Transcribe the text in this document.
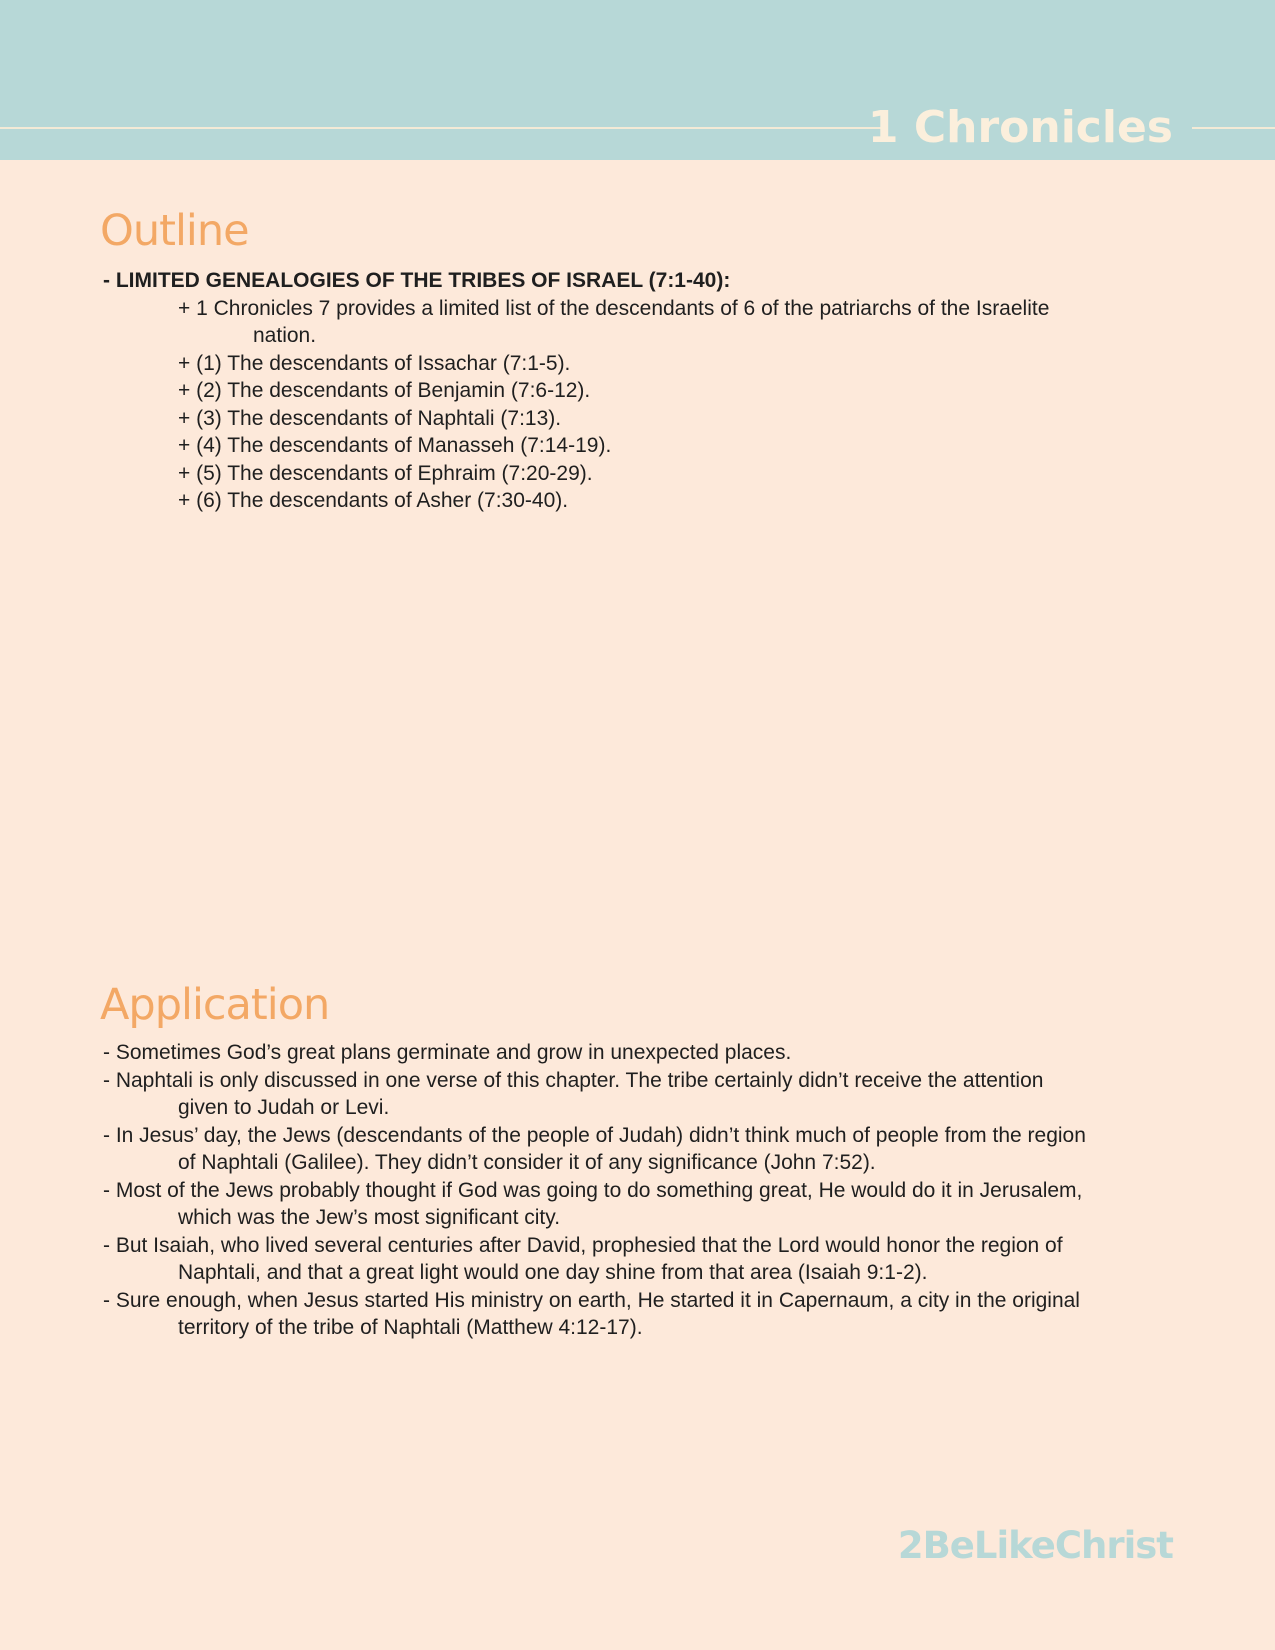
1 Chronicles
Outline
- LIMITED GENEALOGIES OF THE TRIBES OF ISRAEL (7:1-40):
+ 1 Chronicles 7 provides a limited list of the descendants of 6 of the patriarchs of the Israelite
nation.
+ (1) The descendants of Issachar (7:1-5).
+ (2) The descendants of Benjamin (7:6-12).
+ (3) The descendants of Naphtali (7:13).
+ (4) The descendants of Manasseh (7:14-19).
+ (5) The descendants of Ephraim (7:20-29).
+ (6) The descendants of Asher (7:30-40).
Application
- Sometimes God’s great plans germinate and grow in unexpected places.
- Naphtali is only discussed in one verse of this chapter. The tribe certainly didn’t receive the attention
given to Judah or Levi.
- In Jesus’ day, the Jews (descendants of the people of Judah) didn’t think much of people from the region
of Naphtali (Galilee). They didn’t consider it of any significance (John 7:52).
- Most of the Jews probably thought if God was going to do something great, He would do it in Jerusalem,
which was the Jew’s most significant city.
- But Isaiah, who lived several centuries after David, prophesied that the Lord would honor the region of
Naphtali, and that a great light would one day shine from that area (Isaiah 9:1-2).
- Sure enough, when Jesus started His ministry on earth, He started it in Capernaum, a city in the original
territory of the tribe of Naphtali (Matthew 4:12-17).
2BeLikeChrist
